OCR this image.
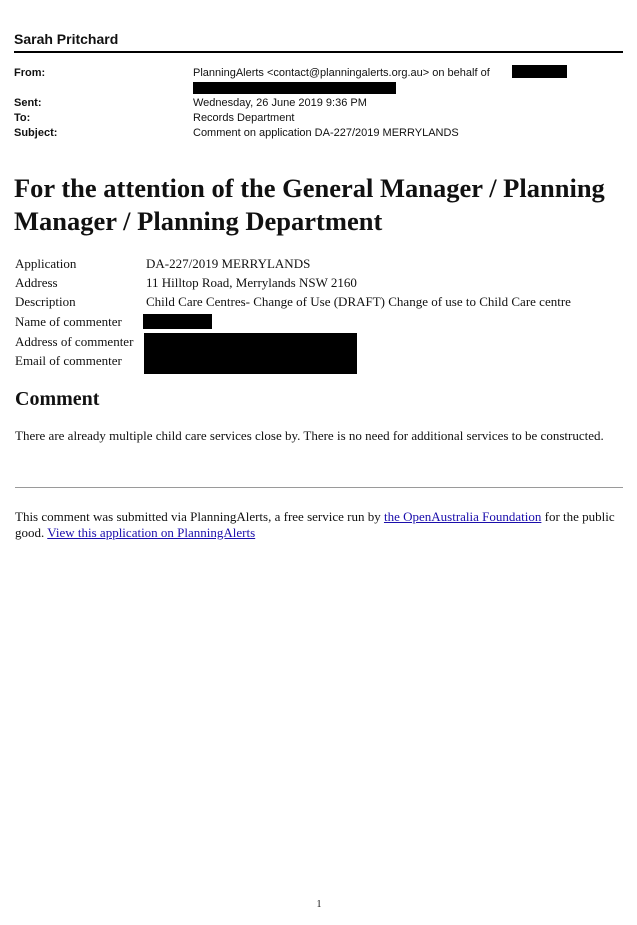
Sarah Pritchard
From:	PlanningAlerts <contact@planningalerts.org.au> on behalf of
Sent:	Wednesday, 26 June 2019 9:36 PM
To:	Records Department
Subject:	Comment on application DA-227/2019 MERRYLANDS
For the attention of the General Manager / Planning Manager / Planning Department
Application	DA-227/2019 MERRYLANDS
Address	11 Hilltop Road, Merrylands NSW 2160
Description	Child Care Centres- Change of Use (DRAFT) Change of use to Child Care centre
Name of commenter
Address of commenter
Email of commenter
Comment
There are already multiple child care services close by. There is no need for additional services to be constructed.
This comment was submitted via PlanningAlerts, a free service run by the OpenAustralia Foundation for the public good. View this application on PlanningAlerts
1
